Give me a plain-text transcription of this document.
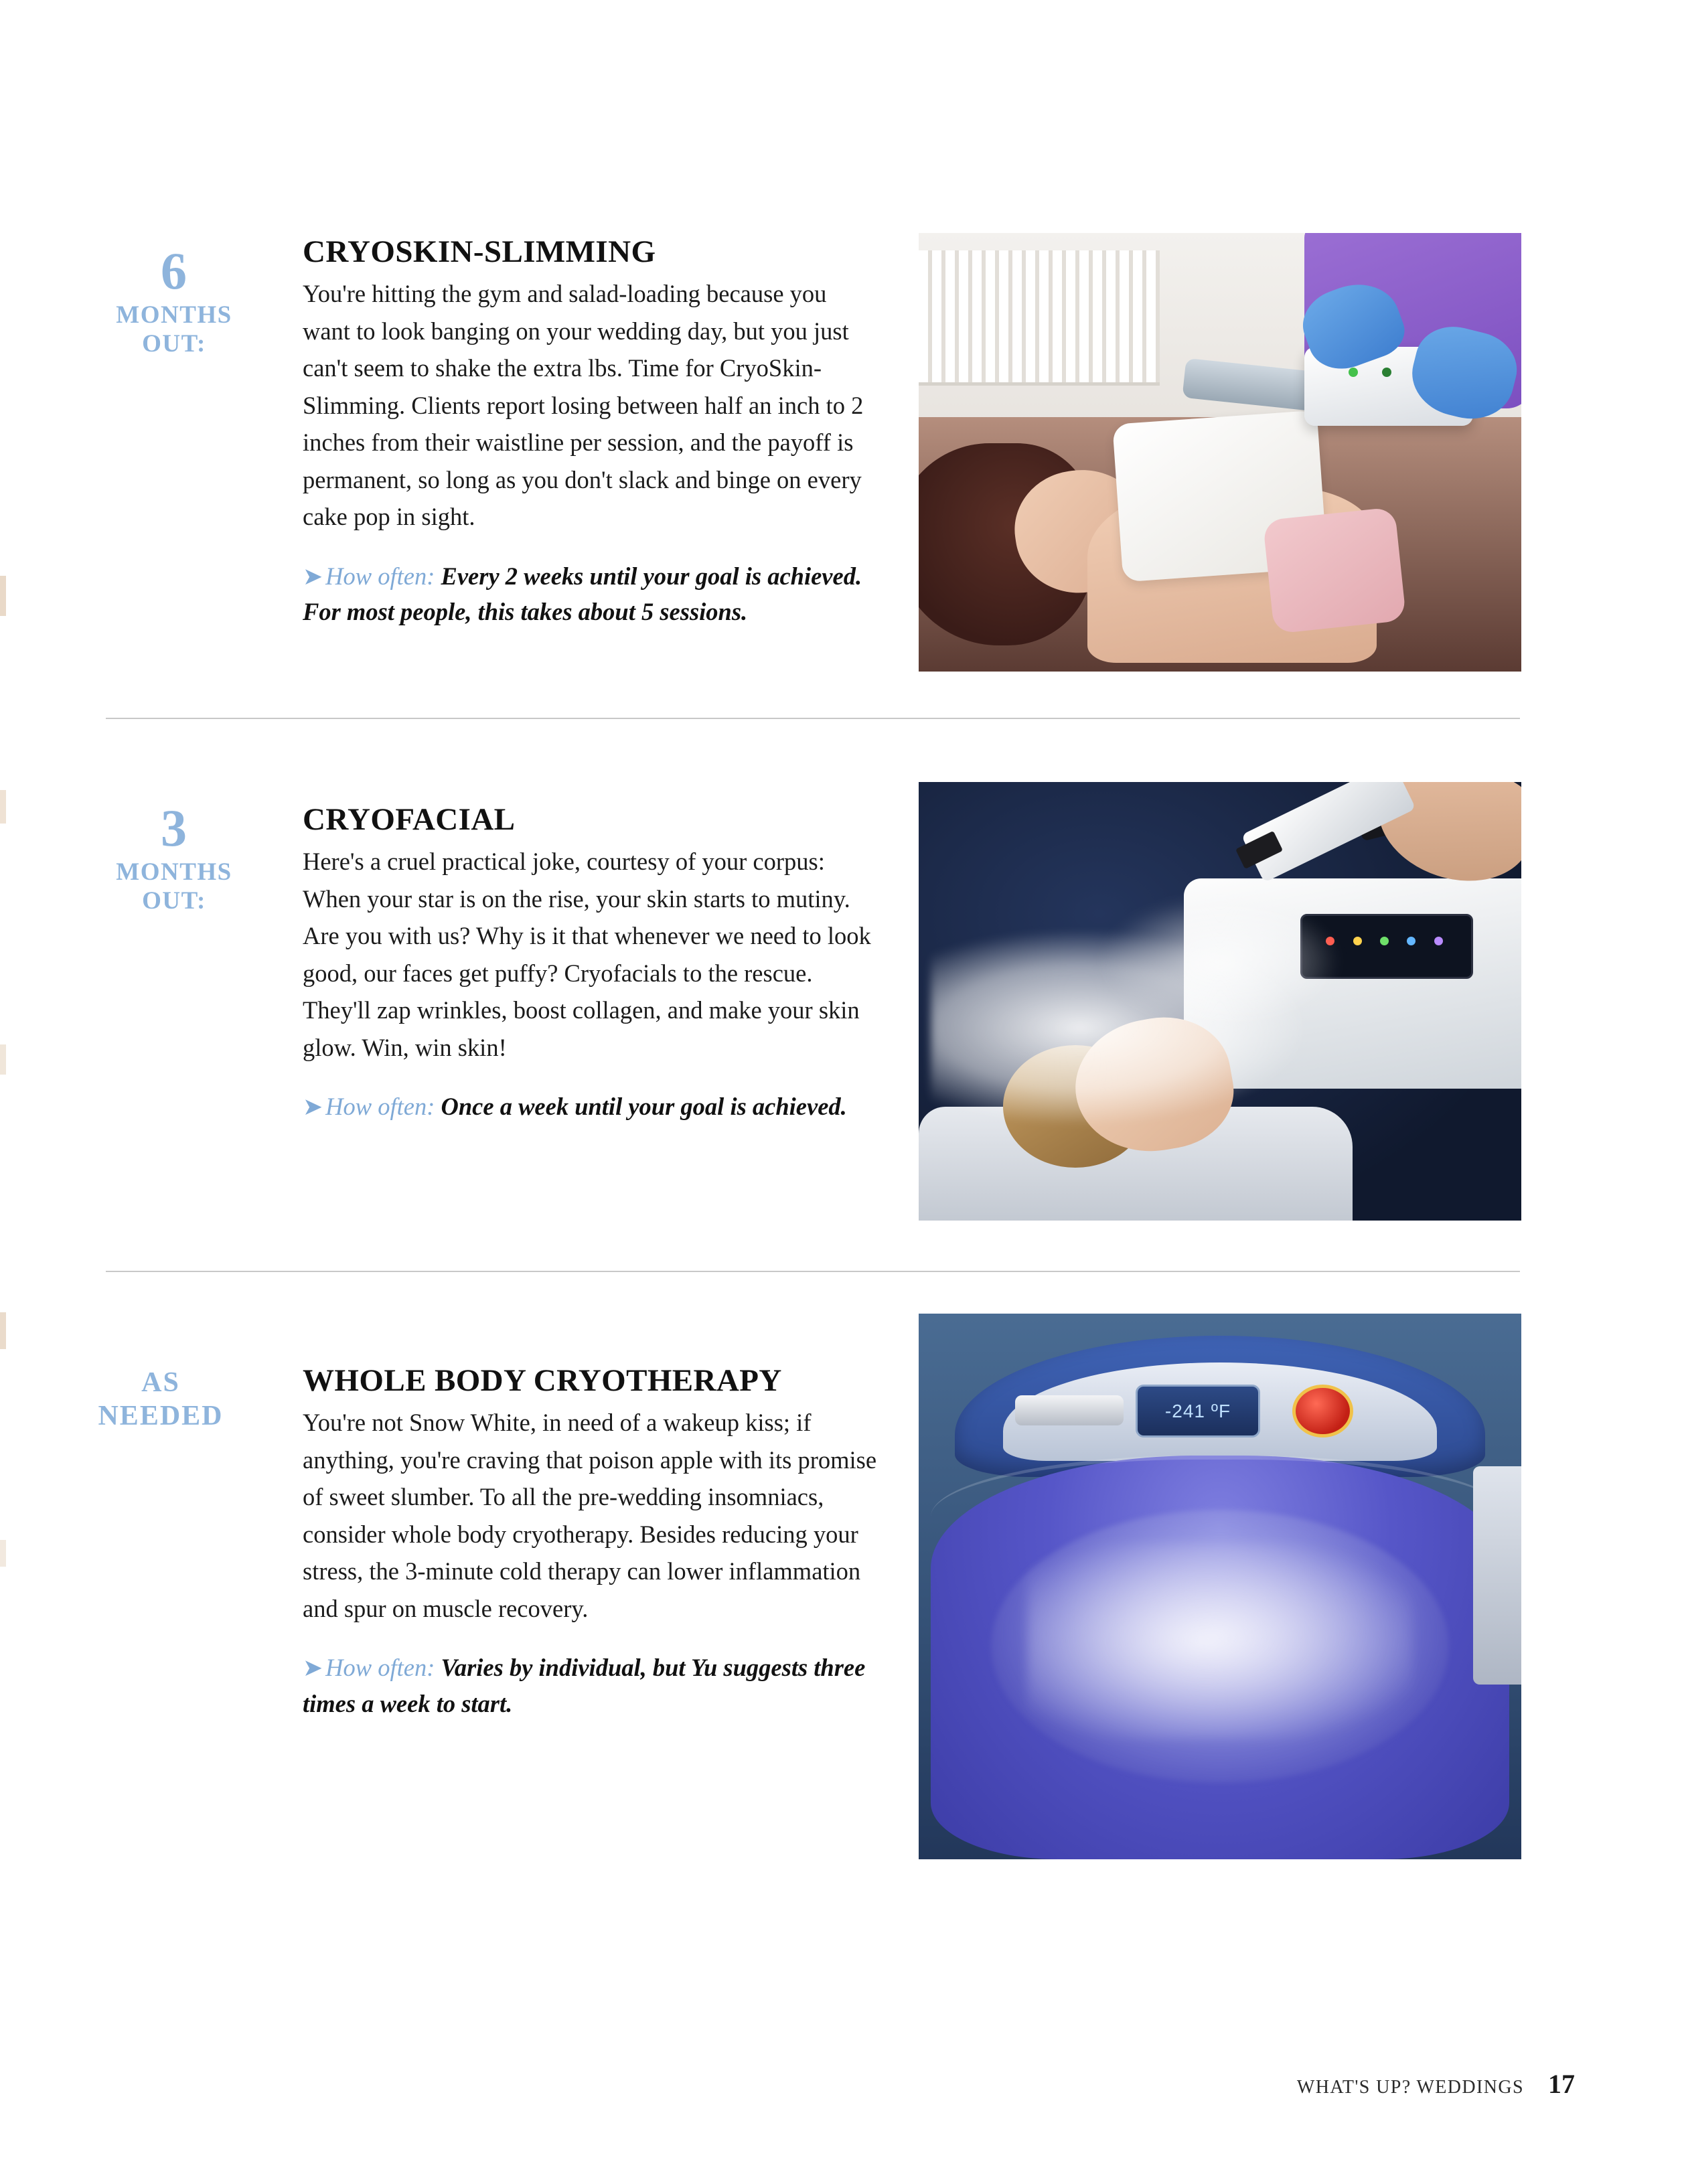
6
MONTHS
OUT:
CRYOSKIN-SLIMMING

You're hitting the gym and salad-loading because you want to look banging on your wedding day, but you just can't seem to shake the extra lbs. Time for CryoSkin-Slimming. Clients report losing between half an inch to 2 inches from their waistline per session, and the payoff is permanent, so long as you don't slack and binge on every cake pop in sight.

➤ How often: Every 2 weeks until your goal is achieved. For most people, this takes about 5 sessions.

3
MONTHS
OUT:
CRYOFACIAL

Here's a cruel practical joke, courtesy of your corpus: When your star is on the rise, your skin starts to mutiny. Are you with us? Why is it that whenever we need to look good, our faces get puffy? Cryofacials to the rescue. They'll zap wrinkles, boost collagen, and make your skin glow. Win, win skin!

➤ How often: Once a week until your goal is achieved.

AS
NEEDED
WHOLE BODY CRYOTHERAPY

You're not Snow White, in need of a wakeup kiss; if anything, you're craving that poison apple with its promise of sweet slumber. To all the pre-wedding insomniacs, consider whole body cryotherapy. Besides reducing your stress, the 3-minute cold therapy can lower inflammation and spur on muscle recovery.

➤ How often: Varies by individual, but Yu suggests three times a week to start.

-241 ºF
WHAT'S UP? WEDDINGS 17
